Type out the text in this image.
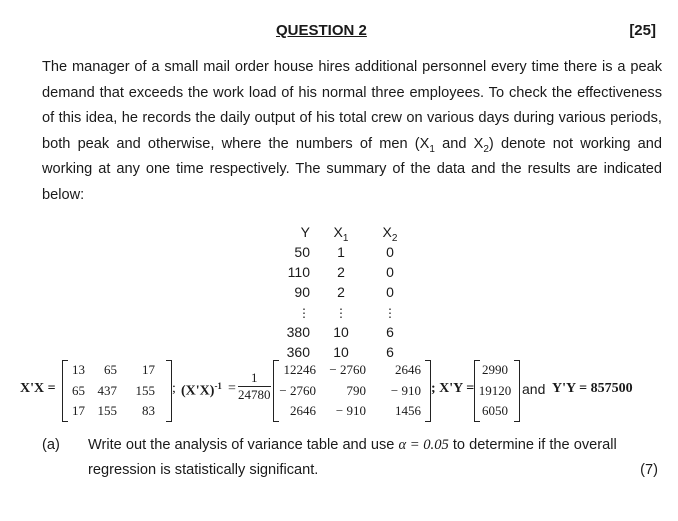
QUESTION 2	[25]

The manager of a small mail order house hires additional personnel every time there is a peak demand that exceeds the work load of his normal three employees. To check the effectiveness of this idea, he records the daily output of his total crew on various days during various periods, both peak and otherwise, where the numbers of men ($X_1$ and $X_2$) denote not working and working at any one time respectively. The summary of the data and the results are indicated below:

Y	$X_1$	$X_2$
50	1	0
110	2	0
90	2	0
⋮	⋮	⋮
380	10	6
360	10	6
X'X =
13	65	17
65 437	155
17 155	83
; $(X'X)^{-1} = \frac{1}{24780}$
12246	− 2760	2646
− 2760	790	− 910
2646	− 910	1456
; X'Y =
2990
19120
6050
and Y'Y = 857500
(a) Write out the analysis of variance table and use α = 0.05 to determine if the overall regression is statistically significant.	(7)
